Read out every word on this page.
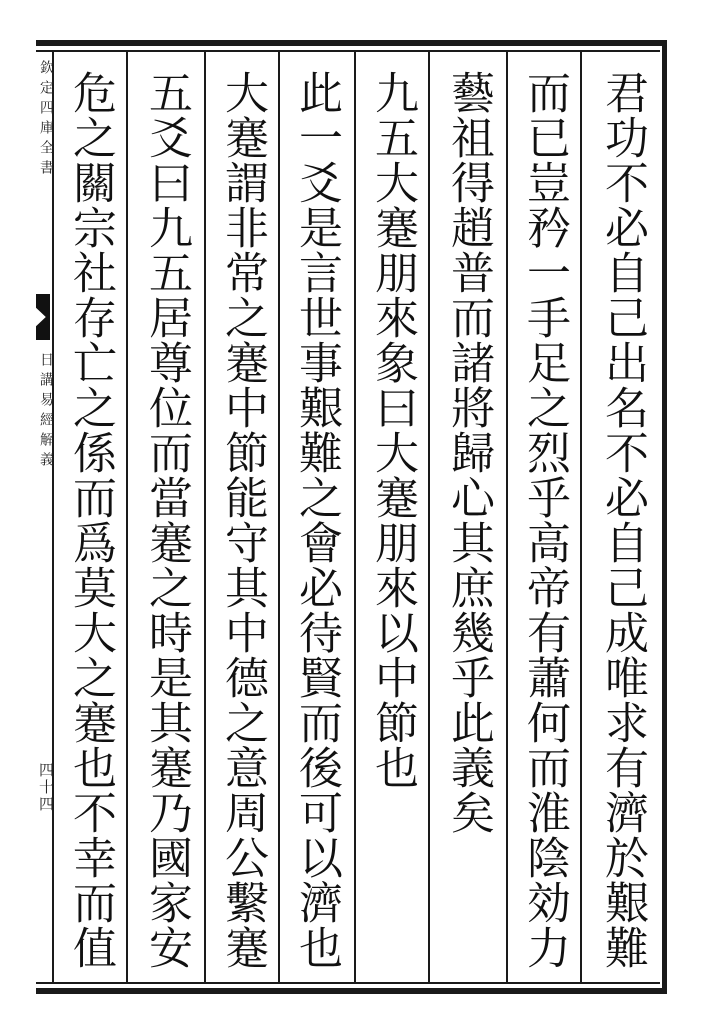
欽定四庫全書
日講易經解義
四十四	君功不必自己出名不必自己成唯求有濟於艱難
而已豈矜一手足之烈乎高帝有蕭何而淮陰効力
藝祖得趙普而諸將歸心其庶幾乎此義矣
九五大蹇朋來象曰大蹇朋來以中節也
此一爻是言世事艱難之會必待賢而後可以濟也
大蹇謂非常之蹇中節能守其中德之意周公繫蹇
五爻曰九五居尊位而當蹇之時是其蹇乃國家安
危之關宗社存亡之係而爲莫大之蹇也不幸而值
